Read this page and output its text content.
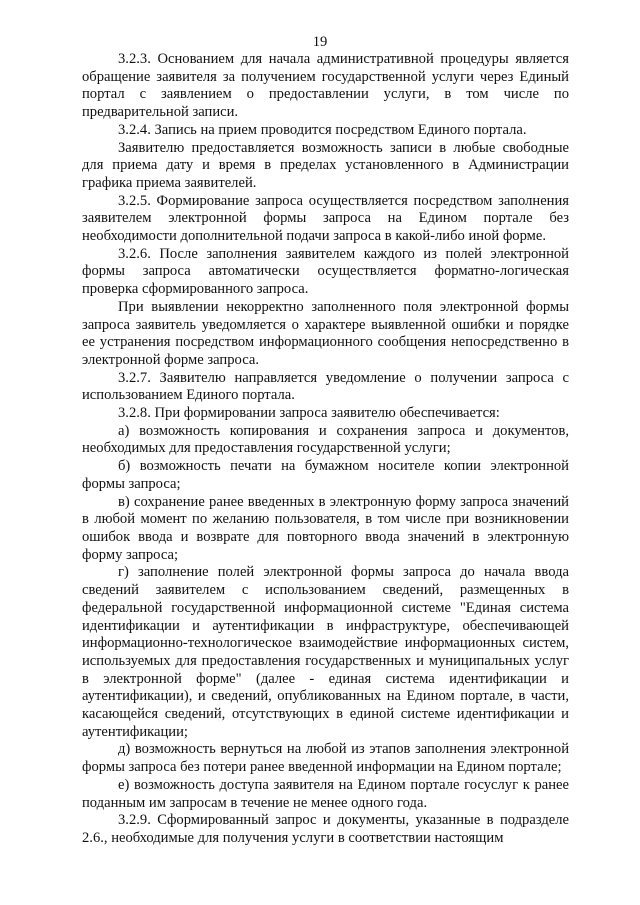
19

3.2.3. Основанием для начала административной процедуры является обращение заявителя за получением государственной услуги через Единый портал с заявлением о предоставлении услуги, в том числе по предварительной записи.

3.2.4. Запись на прием проводится посредством Единого портала.

Заявителю предоставляется возможность записи в любые свободные для приема дату и время в пределах установленного в Администрации графика приема заявителей.

3.2.5. Формирование запроса осуществляется посредством заполнения заявителем электронной формы запроса на Едином портале без необходимости дополнительной подачи запроса в какой-либо иной форме.

3.2.6. После заполнения заявителем каждого из полей электронной формы запроса автоматически осуществляется форматно-логическая проверка сформированного запроса.

При выявлении некорректно заполненного поля электронной формы запроса заявитель уведомляется о характере выявленной ошибки и порядке ее устранения посредством информационного сообщения непосредственно в электронной форме запроса.

3.2.7. Заявителю направляется уведомление о получении запроса с использованием Единого портала.

3.2.8. При формировании запроса заявителю обеспечивается:

а) возможность копирования и сохранения запроса и документов, необходимых для предоставления государственной услуги;

б) возможность печати на бумажном носителе копии электронной формы запроса;

в) сохранение ранее введенных в электронную форму запроса значений в любой момент по желанию пользователя, в том числе при возникновении ошибок ввода и возврате для повторного ввода значений в электронную форму запроса;

г) заполнение полей электронной формы запроса до начала ввода сведений заявителем с использованием сведений, размещенных в федеральной государственной информационной системе "Единая система идентификации и аутентификации в инфраструктуре, обеспечивающей информационно-технологическое взаимодействие информационных систем, используемых для предоставления государственных и муниципальных услуг в электронной форме" (далее - единая система идентификации и аутентификации), и сведений, опубликованных на Едином портале, в части, касающейся сведений, отсутствующих в единой системе идентификации и аутентификации;

д) возможность вернуться на любой из этапов заполнения электронной формы запроса без потери ранее введенной информации на Едином портале;

е) возможность доступа заявителя на Едином портале госуслуг к ранее поданным им запросам в течение не менее одного года.

3.2.9. Сформированный запрос и документы, указанные в подразделе 2.6., необходимые для получения услуги в соответствии настоящим
